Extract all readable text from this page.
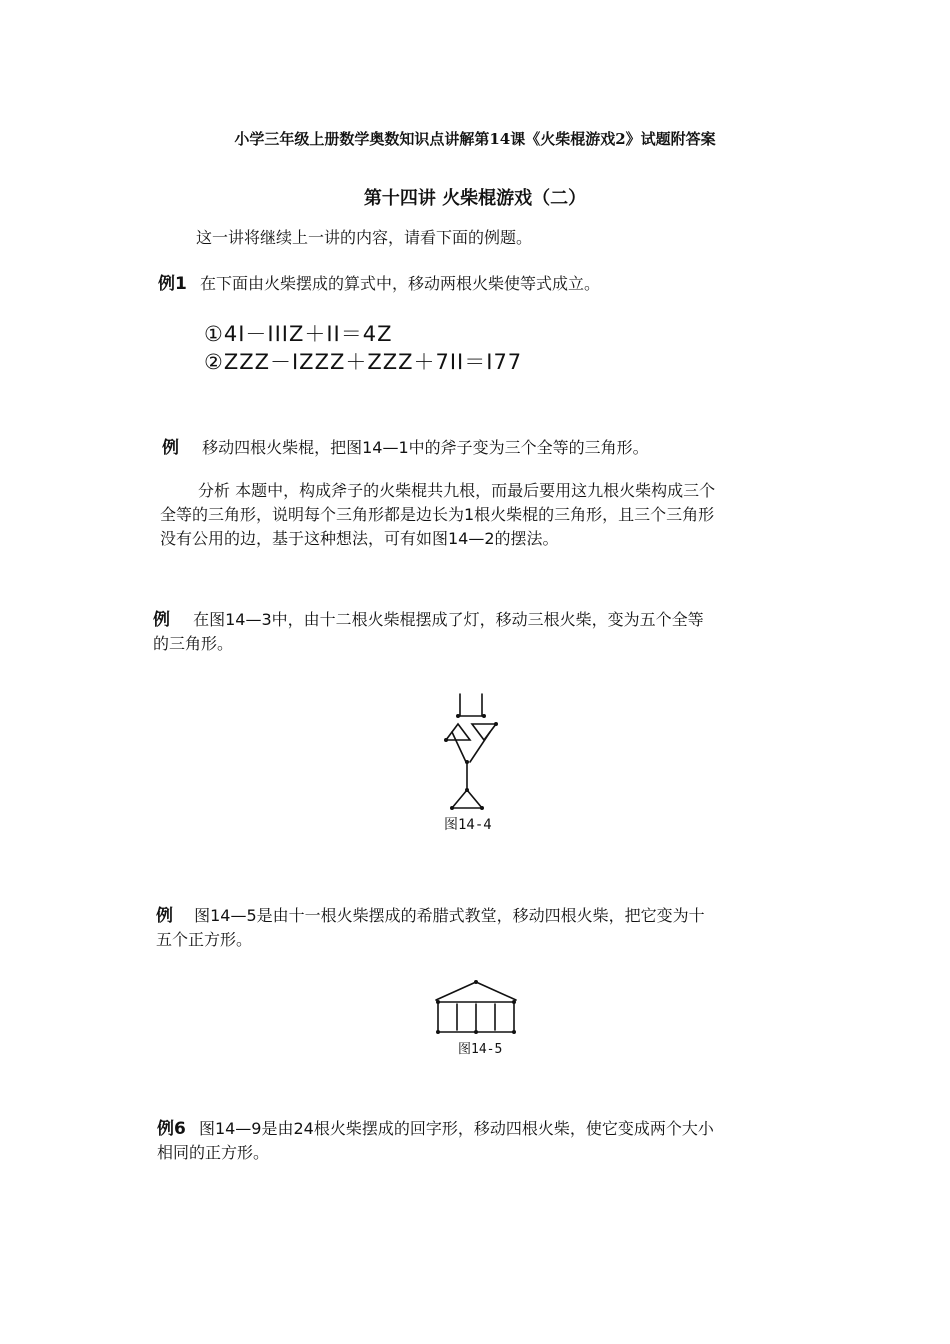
小学三年级上册数学奥数知识点讲解第14课《火柴棍游戏2》试题附答案
第十四讲 火柴棍游戏（二）
这一讲将继续上一讲的内容，请看下面的例题。
例1 在下面由火柴摆成的算式中，移动两根火柴使等式成立。
①4Ι－ΙΙΙZ＋ΙΙ＝4Z
②ZZZ－ΙZZZ＋ZZZ＋7ΙΙ＝Ι77
例 移动四根火柴棍，把图14—1中的斧子变为三个全等的三角形。
分析 本题中，构成斧子的火柴棍共九根，而最后要用这九根火柴构成三个
全等的三角形，说明每个三角形都是边长为1根火柴棍的三角形，且三个三角形
没有公用的边，基于这种想法，可有如图14—2的摆法。
例 在图14—3中，由十二根火柴棍摆成了灯，移动三根火柴，变为五个全等
的三角形。
图14-4
例 图14—5是由十一根火柴摆成的希腊式教堂，移动四根火柴，把它变为十
五个正方形。
图14-5
例6 图14—9是由24根火柴摆成的回字形，移动四根火柴，使它变成两个大小
相同的正方形。
